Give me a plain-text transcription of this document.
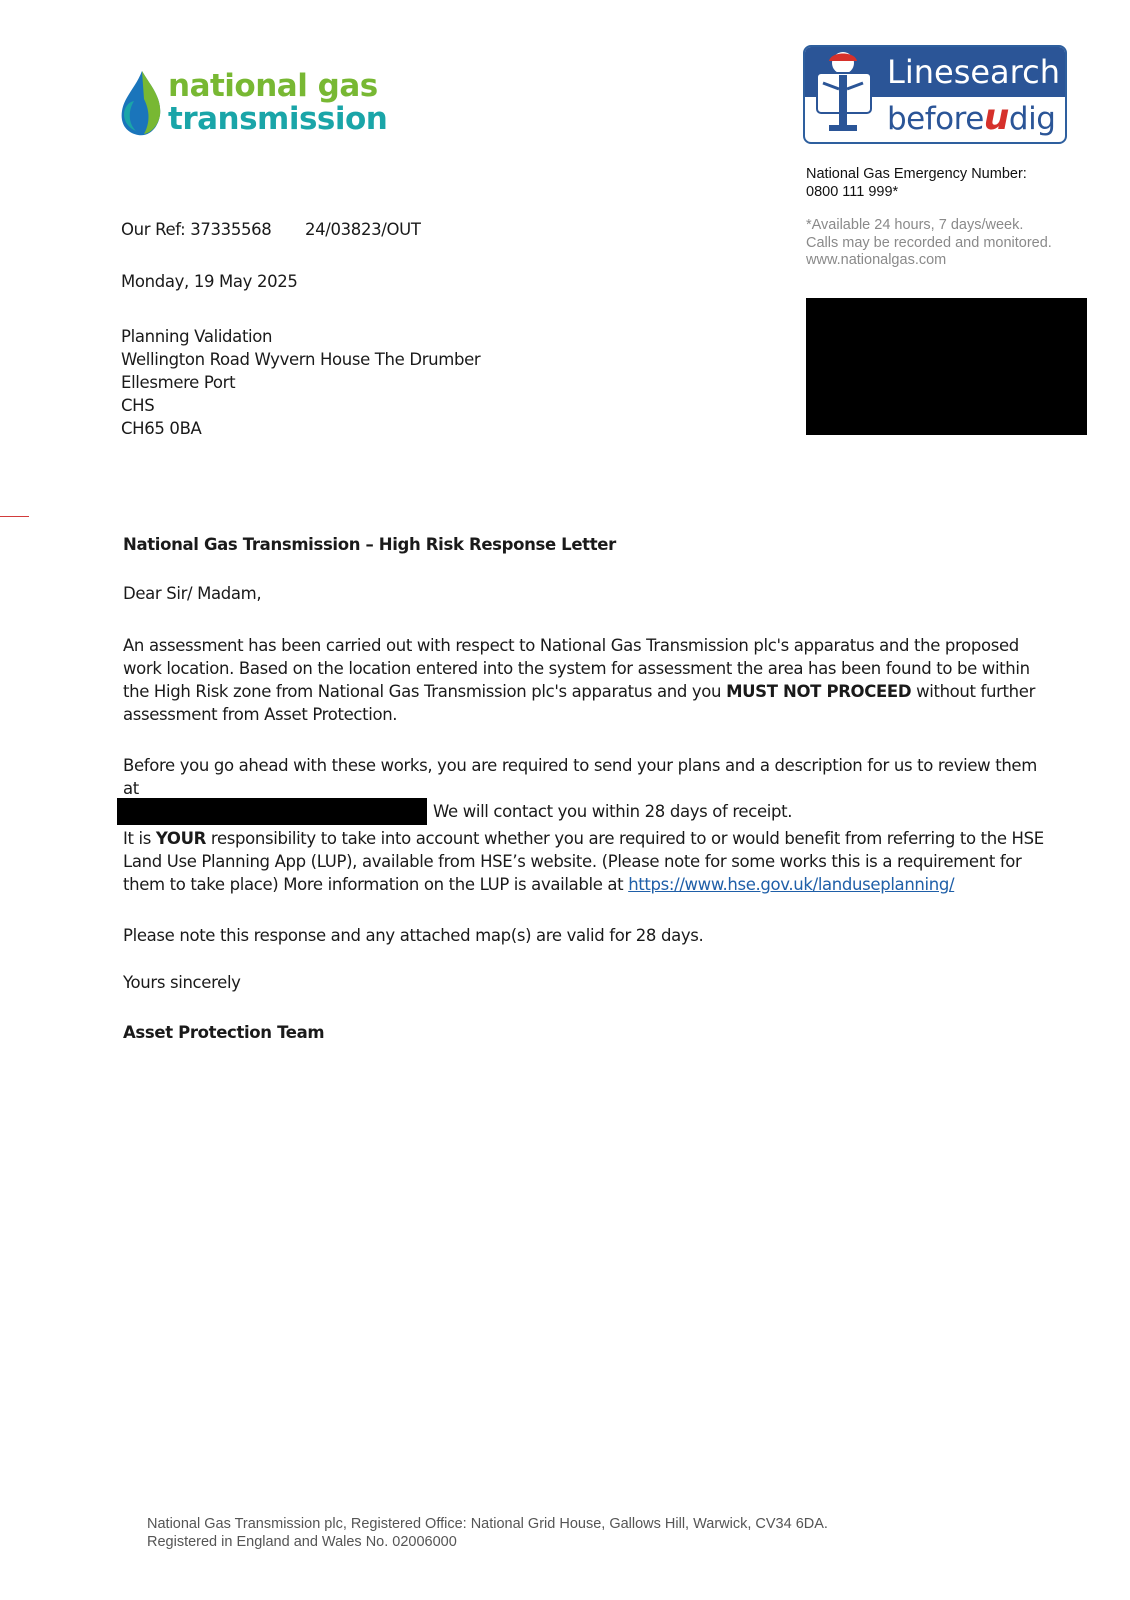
national gas
transmission
Linesearch
beforeudig
National Gas Emergency Number:
0800 111 999*
*Available 24 hours, 7 days/week.
Calls may be recorded and monitored.
www.nationalgas.com
Our Ref: 37335568 24/03823/OUT
Monday, 19 May 2025
Planning Validation
Wellington Road Wyvern House The Drumber
Ellesmere Port
CHS
CH65 0BA
National Gas Transmission – High Risk Response Letter
Dear Sir/ Madam,
An assessment has been carried out with respect to National Gas Transmission plc's apparatus and the proposed work location. Based on the location entered into the system for assessment the area has been found to be within the High Risk zone from National Gas Transmission plc's apparatus and you MUST NOT PROCEED without further assessment from Asset Protection.
Before you go ahead with these works, you are required to send your plans and a description for us to review them at
We will contact you within 28 days of receipt.
It is YOUR responsibility to take into account whether you are required to or would benefit from referring to the HSE Land Use Planning App (LUP), available from HSE’s website. (Please note for some works this is a requirement for them to take place) More information on the LUP is available at https://www.hse.gov.uk/landuseplanning/
Please note this response and any attached map(s) are valid for 28 days.
Yours sincerely
Asset Protection Team
National Gas Transmission plc, Registered Office: National Grid House, Gallows Hill, Warwick, CV34 6DA.
Registered in England and Wales No. 02006000
